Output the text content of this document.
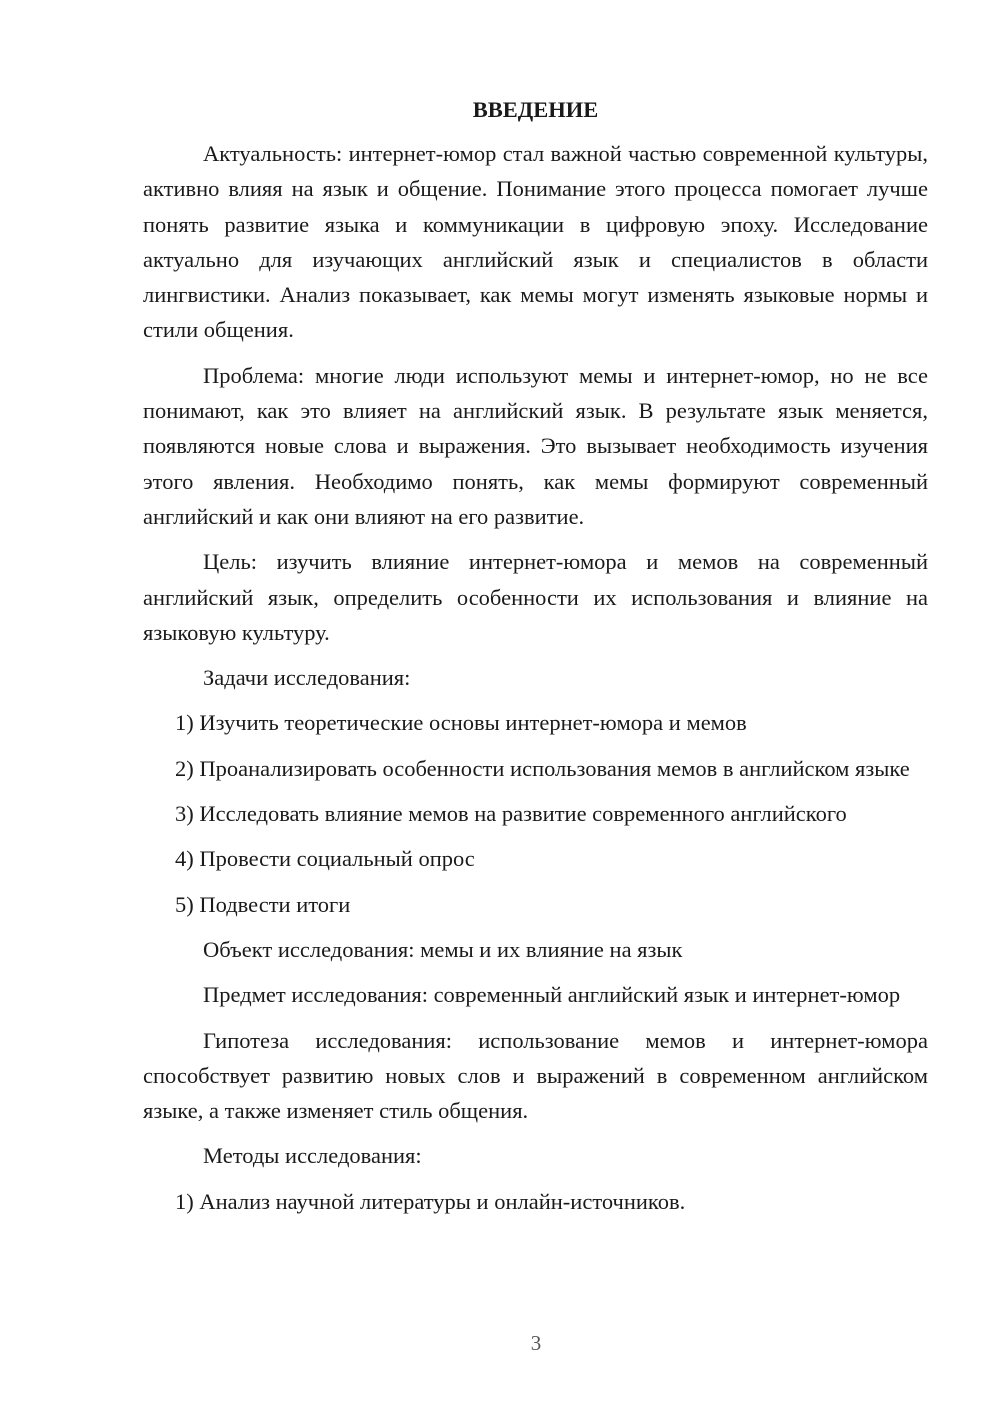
ВВЕДЕНИЕ

Актуальность: интернет-юмор стал важной частью современной культуры, активно влияя на язык и общение. Понимание этого процесса помогает лучше понять развитие языка и коммуникации в цифровую эпоху. Исследование актуально для изучающих английский язык и специалистов в области лингвистики. Анализ показывает, как мемы могут изменять языковые нормы и стили общения.

Проблема: многие люди используют мемы и интернет-юмор, но не все понимают, как это влияет на английский язык. В результате язык меняется, появляются новые слова и выражения. Это вызывает необходимость изучения этого явления. Необходимо понять, как мемы формируют современный английский и как они влияют на его развитие.

Цель: изучить влияние интернет-юмора и мемов на современный английский язык, определить особенности их использования и влияние на языковую культуру.

Задачи исследования:

1) Изучить теоретические основы интернет-юмора и мемов

2) Проанализировать особенности использования мемов в английском языке

3) Исследовать влияние мемов на развитие современного английского

4) Провести социальный опрос

5) Подвести итоги

Объект исследования: мемы и их влияние на язык

Предмет исследования: современный английский язык и интернет-юмор

Гипотеза исследования: использование мемов и интернет-юмора способствует развитию новых слов и выражений в современном английском языке, а также изменяет стиль общения.

Методы исследования:

1) Анализ научной литературы и онлайн-источников.

3
